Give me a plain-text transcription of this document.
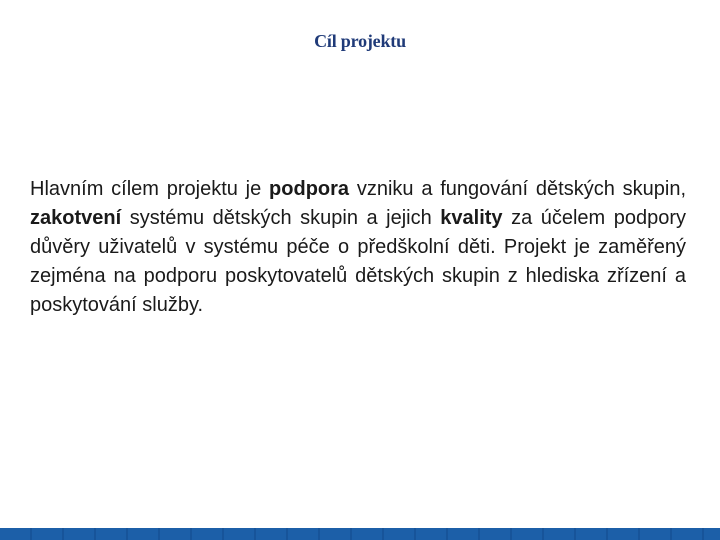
Cíl projektu

Hlavním cílem projektu je podpora vzniku a fungování dětských skupin, zakotvení systému dětských skupin a jejich kvality za účelem podpory důvěry uživatelů v systému péče o předškolní děti. Projekt je zaměřený zejména na podporu poskytovatelů dětských skupin z hlediska zřízení a poskytování služby.
